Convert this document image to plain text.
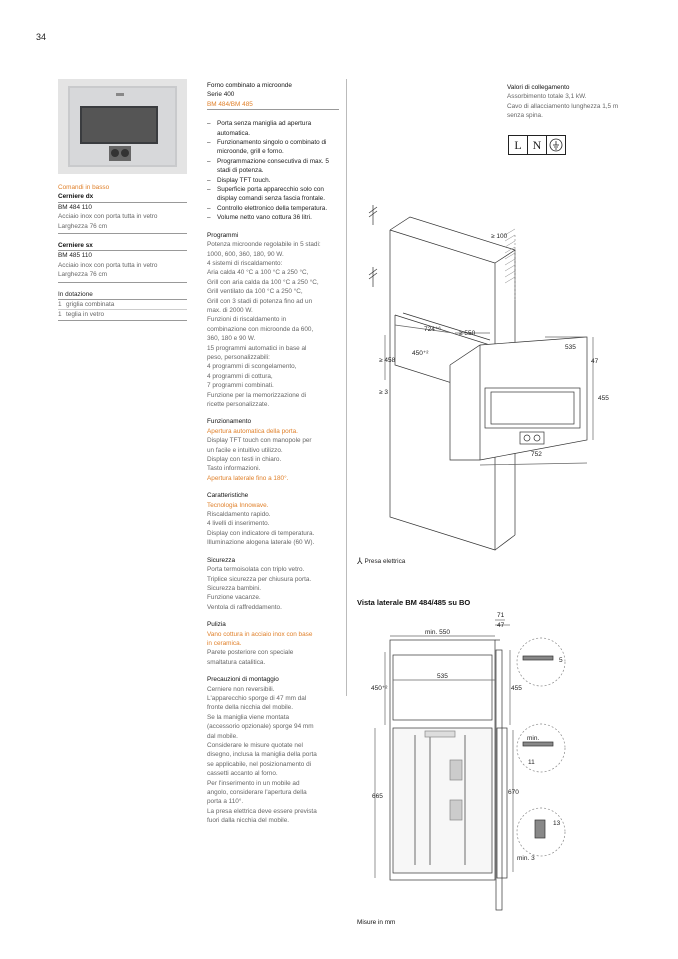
34
Comandi in basso
Cerniere dx
BM 484 110
Acciaio inox con porta tutta in vetro
Larghezza 76 cm
Cerniere sx
BM 485 110
Acciaio inox con porta tutta in vetro
Larghezza 76 cm
In dotazione
1 griglia combinata
1 teglia in vetro
Forno combinato a microonde
Serie 400
BM 484/BM 485
– Porta senza maniglia ad apertura automatica.
– Funzionamento singolo o combinato di microonde, grill e forno.
– Programmazione consecutiva di max. 5 stadi di potenza.
– Display TFT touch.
– Superficie porta apparecchio solo con display comandi senza fascia frontale.
– Controllo elettronico della temperatura.
– Volume netto vano cottura 36 litri.
Programmi
Potenza microonde regolabile in 5 stadi:
1000, 600, 360, 180, 90 W.
4 sistemi di riscaldamento:
Aria calda 40 °C a 100 °C a 250 °C,
Grill con aria calda da 100 °C a 250 °C,
Grill ventilato da 100 °C a 250 °C,
Grill con 3 stadi di potenza fino ad un
max. di 2000 W.
Funzioni di riscaldamento in
combinazione con microonde da 600,
360, 180 e 90 W.
15 programmi automatici in base al
peso, personalizzabili:
4 programmi di scongelamento,
4 programmi di cottura,
7 programmi combinati.
Funzione per la memorizzazione di
ricette personalizzate.
Funzionamento
Apertura automatica della porta.
Display TFT touch con manopole per
un facile e intuitivo utilizzo.
Display con testi in chiaro.
Tasto informazioni.
Apertura laterale fino a 180°.
Caratteristiche
Tecnologia Innowave.
Riscaldamento rapido.
4 livelli di inserimento.
Display con indicatore di temperatura.
Illuminazione alogena laterale (60 W).
Sicurezza
Porta termoisolata con triplo vetro.
Triplice sicurezza per chiusura porta.
Sicurezza bambini.
Funzione vacanze.
Ventola di raffreddamento.
Pulizia
Vano cottura in acciaio inox con base
in ceramica.
Parete posteriore con speciale
smaltatura catalitica.
Precauzioni di montaggio
Cerniere non reversibili.
L'apparecchio sporge di 47 mm dal
fronte della nicchia del mobile.
Se la maniglia viene montata
(accessorio opzionale) sporge 94 mm
dal mobile.
Considerare le misure quotate nel
disegno, inclusa la maniglia della porta
se applicabile, nel posizionamento di
cassetti accanto al forno.
Per l'inserimento in un mobile ad
angolo, considerare l'apertura della
porta a 110°.
La presa elettrica deve essere prevista
fuori dalla nicchia del mobile.
Valori di collegamento
Assorbimento totale 3,1 kW.
Cavo di allacciamento lunghezza 1,5 m
senza spina.
L N
≥ 100
724⁺⁶
≥ 550
≥ 458
450⁺²
≥ 3
535
47
455
752
⅄ Presa elettrica
Vista laterale BM 484/485 su BO
71
47
min. 550
450⁺²
535
455
5
min.
11
665
670
13
min. 3
Misure in mm
